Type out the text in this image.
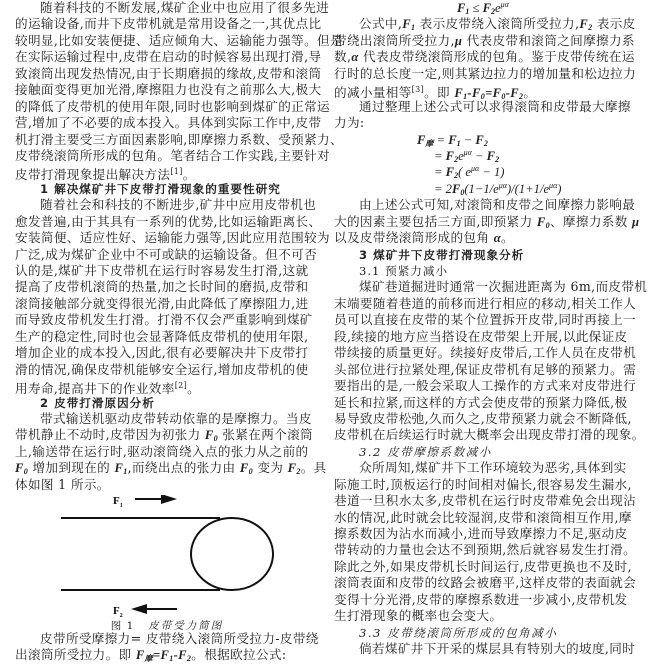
随着科技的不断发展,煤矿企业中也应用了很多先进
的运输设备,而井下皮带机就是常用设备之一,其优点比
较明显,比如安装便捷、适应倾角大、运输能力强等。但是
在实际运输过程中,皮带在启动的时候容易出现打滑,导
致滚筒出现发热情况,由于长期磨损的缘故,皮带和滚筒
接触面变得更加光滑,摩擦阻力也没有之前那么大,极大
的降低了皮带机的使用年限,同时也影响到煤矿的正常运
营,增加了不必要的成本投入。具体到实际工作中,皮带
机打滑主要受三方面因素影响,即摩擦力系数、受预紧力、
皮带绕滚筒所形成的包角。笔者结合工作实践,主要针对
皮带打滑现象提出解决方法[1]。
1 解决煤矿井下皮带打滑现象的重要性研究
随着社会和科技的不断进步,矿井中应用皮带机也
愈发普遍,由于其具有一系列的优势,比如运输距离长、
安装简便、适应性好、运输能力强等,因此应用范围较为
广泛,成为煤矿企业中不可或缺的运输设备。但不可否
认的是,煤矿井下皮带机在运行时容易发生打滑,这就
提高了皮带机滚筒的热量,加之长时间的磨损,皮带和
滚筒接触部分就变得很光滑,由此降低了摩擦阻力,进
而导致皮带机发生打滑。打滑不仅会严重影响到煤矿
生产的稳定性,同时也会显著降低皮带机的使用年限,
增加企业的成本投入,因此,很有必要解决井下皮带打
滑的情况,确保皮带机能够安全运行,增加皮带机的使
用寿命,提高井下的作业效率[2]。
2 皮带打滑原因分析
带式输送机驱动皮带转动依靠的是摩擦力。当皮
带机静止不动时,皮带因为初张力 $F_0$ 张紧在两个滚筒
上,输送带在运行时,驱动滚筒绕入点的张力从之前的
$F_0$ 增加到现在的 $F_1$,而绕出点的张力由 $F_0$ 变为 $F_2$。具
体如图 1 所示。
$F_1$
$F_2$
图 1 皮带受力简图
皮带所受摩擦力= 皮带绕入滚筒所受拉力-皮带绕
出滚筒所受拉力。即 $F_摩=F_1-F_2$。根据欧拉公式:
$F_1 \le F_2e^{\mu\alpha}$
公式中$,F_1$ 表示皮带绕入滚筒所受拉力$,F_2$ 表示皮
带绕出滚筒所受拉力,μ 代表皮带和滚筒之间摩擦力系
数,α 代表皮带绕滚筒形成的包角。鉴于皮带传统在运
行时的总长度一定,则其紧边拉力的增加量和松边拉力
的减小量相等[3]。即 $F_1-F_0=F_0-F_2$。
通过整理上述公式可以求得滚筒和皮带最大摩擦
力为:
$F_摩 = F_1 - F_2$
= $F_2e^{\mu\alpha} - F_2$
= $F_2$( $e^{\mu\alpha} - 1$)
= $2F_0(1-1/e^{\mu\alpha})/(1+1/e^{\mu\alpha})$
由上述公式可知,对滚筒和皮带之间摩擦力影响最
大的因素主要包括三方面,即预紧力 $F_0$、摩擦力系数 μ
以及皮带绕滚筒形成的包角 α。
3 煤矿井下皮带打滑现象分析
3.1 预紧力减小
煤矿巷道掘进时通常一次掘进距离为 6m,而皮带机
末端要随着巷道的前移而进行相应的移动,相关工作人
员可以直接在皮带的某个位置拆开皮带,同时再接上一
段,续接的地方应当搭设在皮带架上开展,以此保证皮
带续接的质量更好。续接好皮带后,工作人员在皮带机
头部位进行拉紧处理,保证皮带机有足够的预紧力。需
要指出的是,一般会采取人工操作的方式来对皮带进行
延长和拉紧,而这样的方式会使皮带的预紧力降低,极
易导致皮带松弛,久而久之,皮带预紧力就会不断降低,
皮带机在后续运行时就大概率会出现皮带打滑的现象。
3.2 皮带摩擦系数减小
众所周知,煤矿井下工作环境较为恶劣,具体到实
际施工时,顶板运行的时间相对偏长,很容易发生漏水,
巷道一旦积水太多,皮带机在运行时皮带难免会出现沾
水的情况,此时就会比较湿润,皮带和滚筒相互作用,摩
擦系数因为沾水而减小,进而导致摩擦力不足,驱动皮
带转动的力量也会达不到预期,然后就容易发生打滑。
除此之外,如果皮带机长时间运行,皮带更换也不及时,
滚筒表面和皮带的纹路会被磨平,这样皮带的表面就会
变得十分光滑,皮带的摩擦系数进一步减小,皮带机发
生打滑现象的概率也会变大。
3.3 皮带绕滚筒所形成的包角减小
倘若煤矿井下开采的煤层具有特别大的坡度,同时
